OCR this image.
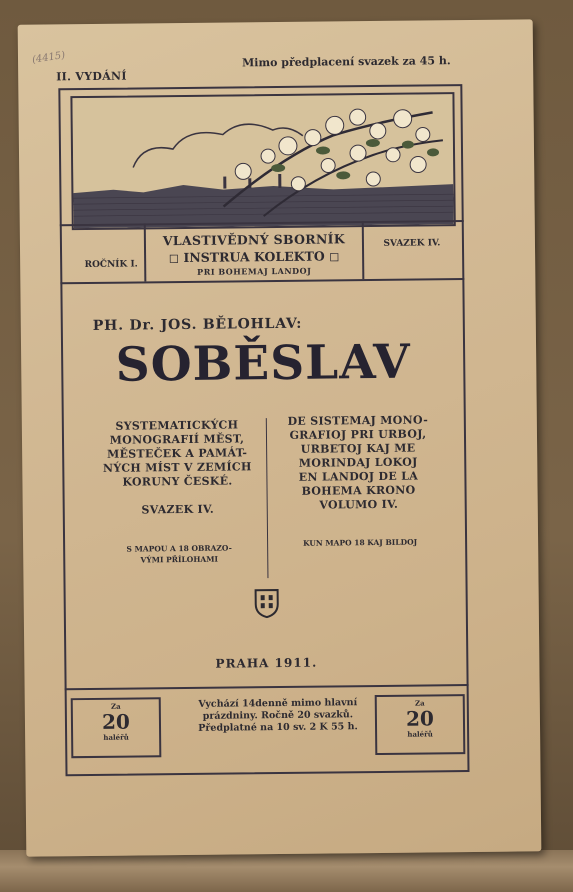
(4415)
II. VYDÁNÍ
Mimo předplacení svazek za 45 h.
ROČNÍK I.
VLASTIVĚDNÝ SBORNÍK
◻ INSTRUA KOLEKTO ◻
PRI BOHEMAJ LANDOJ
SVAZEK IV.
PH. Dr. JOS. BĚLOHLAV:
SOBĚSLAV
SYSTEMATICKÝCH
MONOGRAFIÍ MĚST,
MĚSTEČEK A PAMÁT-
NÝCH MÍST V ZEMÍCH
KORUNY ČESKÉ.
SVAZEK IV.
S MAPOU A 18 OBRAZO-
VÝMI PŘÍLOHAMI
DE SISTEMAJ MONO-
GRAFIOJ PRI URBOJ,
URBETOJ KAJ ME
MORINDAJ LOKOJ
EN LANDOJ DE LA
BOHEMA KRONO
VOLUMO IV.
KUN MAPO 18 KAJ BILDOJ
PRAHA 1911.
Za
20
haléřů
Vychází 14denně mimo hlavní
prázdniny. Ročně 20 svazků.
Předplatné na 10 sv. 2 K 55 h.
Za
20
haléřů
